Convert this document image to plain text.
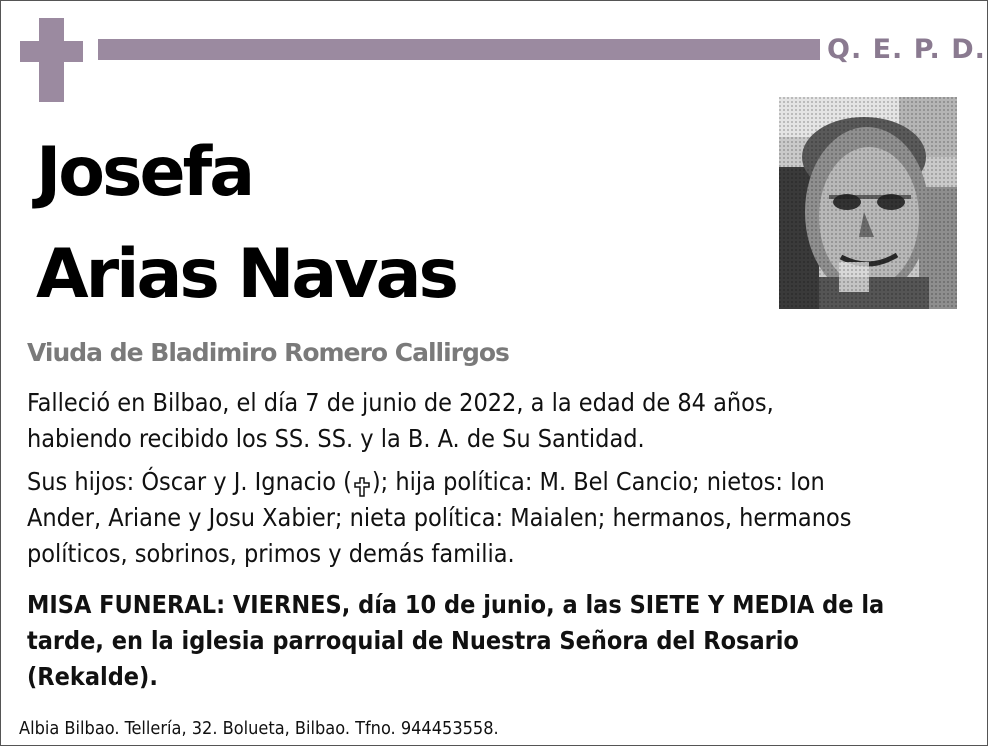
Q. E. P. D.
Josefa
Arias Navas
Viuda de Bladimiro Romero Callirgos
Falleció en Bilbao, el día 7 de junio de 2022, a la edad de 84 años,
habiendo recibido los SS. SS. y la B. A. de Su Santidad.
Sus hijos: Óscar y J. Ignacio ( ); hija política: M. Bel Cancio; nietos: Ion
Ander, Ariane y Josu Xabier; nieta política: Maialen; hermanos, hermanos
políticos, sobrinos, primos y demás familia.
MISA FUNERAL: VIERNES, día 10 de junio, a las SIETE Y MEDIA de la
tarde, en la iglesia parroquial de Nuestra Señora del Rosario
(Rekalde).
Albia Bilbao. Tellería, 32. Bolueta, Bilbao. Tfno. 944453558.
